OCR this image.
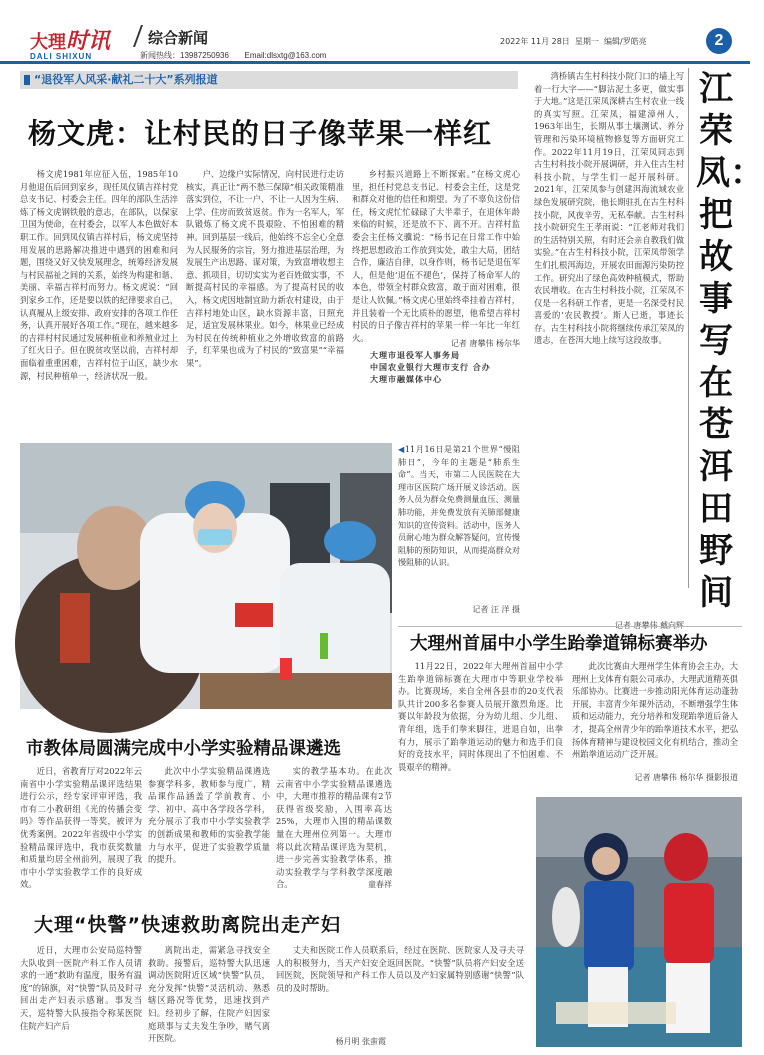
大理时讯
DALI SHIXUN
综合新闻
新闻热线：13987250936 Email:dlsxtg@163.com
2022年 11月 28日 星期一 编辑/罗皓亮	2
“退役军人风采·献礼二十大”系列报道
杨文虎：让村民的日子像苹果一样红

杨文虎1981年应征入伍，1985年10月他退伍后回到家乡，现任凤仪镇吉祥村党总支书记、村委会主任。四年的部队生活淬炼了杨文虎钢铁般的意志，在部队，以保家卫国为使命，在村委会，以军人本色做好本职工作。回到凤仪镇吉祥村后，杨文虎坚持用发展的思路解决推进中遇到的困难和问题，围绕又好又快发展理念，统筹经济发展与村民福祉之间的关系，始终为构建和谐、美丽、幸福吉祥村而努力。杨文虎说：“回到家乡工作，还是要以铁的纪律要求自己，认真履从上级安排、政府安排的各项工作任务，认真开展好各项工作。”现在，越来越多的吉祥村村民通过发展种植业和养殖业过上了红火日子。但在脱贫攻坚以前，吉祥村却面临着重重困难，吉祥村位于山区，缺少水源，村民种植单一，经济状况一般。

户、边缘户实际情况，向村民进行走访核实，真正让“两不愁三保障”相关政策精准落实到位，不让一户、不让一人因为生病、上学、住房而致贫返贫。作为一名军人，军队锻炼了杨文虎不畏艰险、不怕困难的精神。回到基层一线后，他始终不忘全心全意为人民服务的宗旨，努力推进基层治理，为发展生产出思路、谋对策，为致富增收想主意、抓项目，切切实实为老百姓做实事，不断提高村民的幸福感。为了提高村民的收入，杨文虎因地制宜助力新农村建设，由于吉祥村地处山区，缺水资源丰富，日照充足，适宜发展林果业。如今，林果业已经成为村民在传统种植业之外增收致富的前路子，红苹果也成为了村民的“致富果”“幸福果”。

乡村振兴道路上不断探索。”在杨文虎心里，担任村党总支书记、村委会主任，这是党和群众对他的信任和期望。为了不辜负这份信任，杨文虎忙忙碌碌了大半辈子，在退休年龄来临的时候，还是放不下、离不开。吉祥村监委会主任杨文骥说：“杨书记在日常工作中始终把思想政治工作放到实处，敢尘大局，团结合作，廉洁自律，以身作则，杨书记是退伍军人，但是他‘退伍不褪色’，保持了杨命军人的本色，带领全村群众致富，敢于面对困难，很是让人钦佩。”杨文虎心里始终牵挂着吉祥村，并且装着一个无比质朴的愿望，他希望吉祥村村民的日子像吉祥村的苹果一样一年比一年红火。

记者 唐攀伟 杨尔华
大理市退役军人事务局
中国农业银行大理市支行 合办
大理市融媒体中心
◀11月16日是第21个世界“慢阻肺日”，今年的主题是“肺系生命”。当天，市第二人民医院在大理市区医院广场开展义诊活动。医务人员为群众免费测量血压、测量肺功能，并免费发放有关肺部健康知识的宣传资料。活动中，医务人员耐心地为群众解答疑问，宣传慢阻肺的预防知识，从而提高群众对慢阻肺的认识。
记者 汪 洋 摄

湾桥镇古生村科技小院门口的墙上写着一行大字——“脚沾泥土多更，做实事于大地。”这是江荣凤深耕古生村农业一线的真实写照。江荣凤，福建漳州人，1963年出生，长期从事土壤测试、养分管理和污染环境植物修复等方面研究工作。2022年11月19日，江荣凤同志到古生村科技小院开展调研，并入住古生村科技小院，与学生们一起开展科研。2021年，江荣凤参与创建洱海流域农业绿色发展研究院，他长期驻扎在古生村科技小院，风夜辛劳，无私奉献。古生村科技小院研究生王孝雨说：“江老师对我们的生活特别关照，有时还会亲自教我们做实验。”在古生村科技小院，江荣凤带领学生们扎根洱海边，开展农田面源污染防控工作。研究出了绿色高效种植模式，帮助农民增收。在古生村科技小院，江荣凤不仅是一名科研工作者，更是一名深受村民喜爱的‘农民教授’。斯人已逝，事迹长存。古生村科技小院将继续传承江荣凤的遗志，在苍洱大地上续写这段故事。

江荣凤：把故事写在苍洱田野间
大理州首届中小学生跆拳道锦标赛举办

11月22日，2022年大理州首届中小学生跆拳道锦标赛在大理市中等职业学校举办。比赛现场，来自全州各县市的20支代表队共计200多名参赛人员展开激烈角逐。比赛以年龄段为依据，分为幼儿组、少儿组、青年组，选手们拳来脚往，进退自如，出拳有力，展示了跆拳道运动的魅力和选手们良好的竞技水平，同时体现出了不怕困难、不畏艰辛的精神。

此次比赛由大理州学生体育协会主办，大理州上戈体育有限公司承办，大理武道精英俱乐部协办。比赛进一步推动阳光体育运动蓬勃开展，丰富青少年课外活动，不断增强学生体质和运动能力，充分培养和发现跆拳道后备人才，提高全州青少年的跆拳道技术水平，把弘扬体育精神与建设校园文化有机结合，推动全州跆拳道运动广泛开展。

记者 唐攀伟 杨尔华 摄影报道
市教体局圆满完成中小学实验精品课遴选

近日，省教育厅对2022年云南省中小学实验精品课评选结果进行公示，经专家评审评选，我市有二小教研组《光的传播会变吗》等作品获得一等奖，被评为优秀案例。2022年省级中小学实验精品课评选中，我市获奖数量和质量均居全州前列，展现了我市中小学实验教学工作的良好成效。

此次中小学实验精品课遴选参赛学科多，教师参与度广，精品课作品涵盖了学前教育、小学、初中、高中各学段各学科，充分展示了我市中小学实验教学的创新成果和教师的实验教学能力与水平，促进了实验教学质量的提升。

实的教学基本功。在此次云南省中小学实验精品课遴选中，大理市推荐的精品课有2节获得省级奖励，入围率高达25%，大理市入围的精品课数量在大理州位列第一。大理市将以此次精品课评选为契机，进一步完善实验教学体系，推动实验教学与学科教学深度融合。	童春祥
大理“快警”快速救助离院出走产妇

近日，大理市公安局巡特警大队收到一医院产科工作人员请求的一通“救助有温度，服务有温度”的锦旗，对“快警”队员及时寻回出走产妇表示感谢。事发当天，巡特警大队接指令称某医院住院产妇产后

离院出走，需紧急寻找安全救助。接警后，巡特警大队迅速调动医院附近区域“快警”队员，充分发挥“快警”灵活机动、熟悉辖区路况等优势，迅速找到产妇。经初步了解，住院产妇因家庭琐事与丈夫发生争吵，赌气离开医院。

丈夫和医院工作人员联系后，经过在医院、医院家人及寻夫寻人的积极努力，当天产妇安全返回医院。“快警”队员将产妇安全送回医院，医院领导和产科工作人员以及产妇家属特别感谢“快警”队员的及时帮助。

杨月明 张蛮霞
